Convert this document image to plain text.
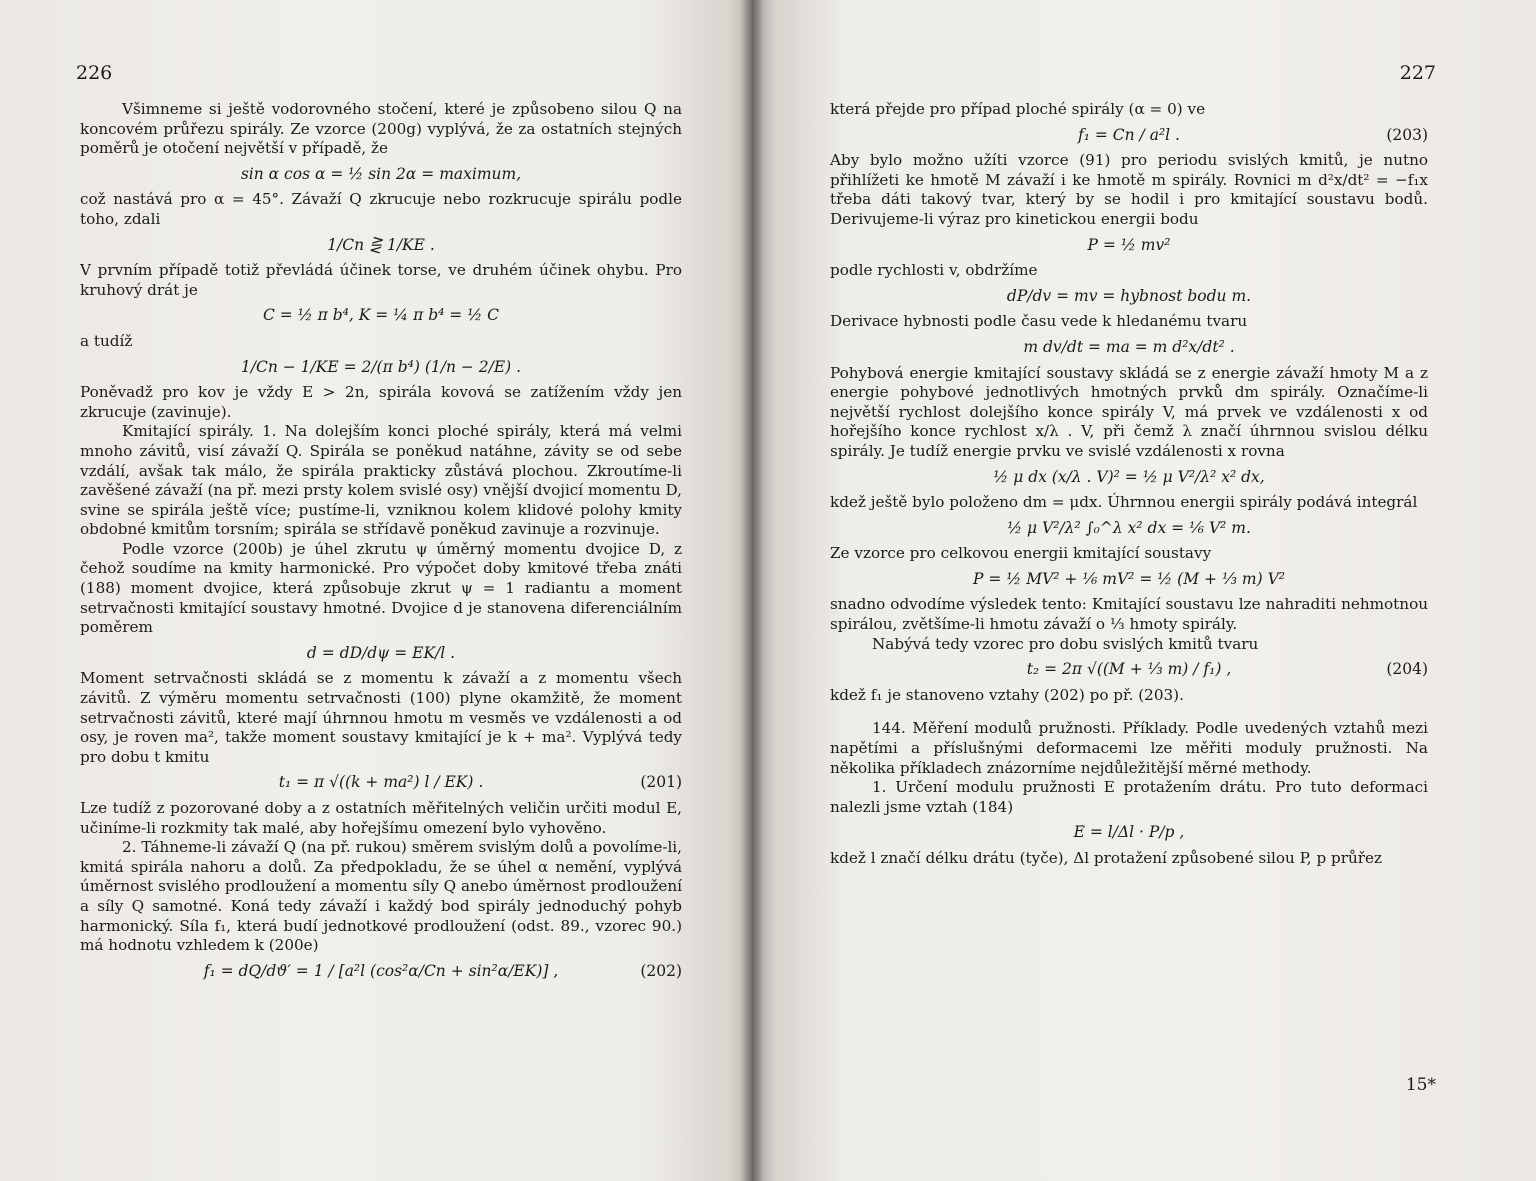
226

Všimneme si ještě vodorovného stočení, které je způsobeno silou Q na koncovém průřezu spirály. Ze vzorce (200g) vyplývá, že za ostatních stejných poměrů je otočení největší v případě, že

sin α cos α = ½ sin 2α = maximum,

což nastává pro α = 45°. Závaží Q zkrucuje nebo rozkrucuje spirálu podle toho, zdali

1/Cn ⋛ 1/KE .

V prvním případě totiž převládá účinek torse, ve druhém účinek ohybu. Pro kruhový drát je

C = ½ π b⁴, K = ¼ π b⁴ = ½ C

a tudíž

1/Cn − 1/KE = 2/(π b⁴) (1/n − 2/E) .

Poněvadž pro kov je vždy E > 2n, spirála kovová se zatížením vždy jen zkrucuje (zavinuje).

Kmitající spirály. 1. Na dolejším konci ploché spirály, která má velmi mnoho závitů, visí závaží Q. Spirála se poněkud natáhne, závity se od sebe vzdálí, avšak tak málo, že spirála prakticky zůstává plochou. Zkroutíme-li zavěšené závaží (na př. mezi prsty kolem svislé osy) vnější dvojicí momentu D, svine se spirála ještě více; pustíme-li, vzniknou kolem klidové polohy kmity obdobné kmitům torsním; spirála se střídavě poněkud zavinuje a rozvinuje.

Podle vzorce (200b) je úhel zkrutu ψ úměrný momentu dvojice D, z čehož soudíme na kmity harmonické. Pro výpočet doby kmitové třeba znáti (188) moment dvojice, která způsobuje zkrut ψ = 1 radiantu a moment setrvačnosti kmitající soustavy hmotné. Dvojice d je stanovena diferenciálním poměrem

d = dD/dψ = EK/l .

Moment setrvačnosti skládá se z momentu k závaží a z momentu všech závitů. Z výměru momentu setrvačnosti (100) plyne okamžitě, že moment setrvačnosti závitů, které mají úhrnnou hmotu m vesměs ve vzdálenosti a od osy, je roven ma², takže moment soustavy kmitající je k + ma². Vyplývá tedy pro dobu t kmitu

t₁ = π √((k + ma²) l / EK) .	(201)

Lze tudíž z pozorované doby a z ostatních měřitelných veličin určiti modul E, učiníme-li rozkmity tak malé, aby hořejšímu omezení bylo vyhověno.

2. Táhneme-li závaží Q (na př. rukou) směrem svislým dolů a povolíme-li, kmitá spirála nahoru a dolů. Za předpokladu, že se úhel α nemění, vyplývá úměrnost svislého prodloužení a momentu síly Q anebo úměrnost prodloužení a síly Q samotné. Koná tedy závaží i každý bod spirály jednoduchý pohyb harmonický. Síla f₁, která budí jednotkové prodloužení (odst. 89., vzorec 90.) má hodnotu vzhledem k (200e)

f₁ = dQ/dϑ′ = 1 / [a²l (cos²α/Cn + sin²α/EK)] ,	(202)
227

která přejde pro případ ploché spirály (α = 0) ve

f₁ = Cn / a²l .	(203)

Aby bylo možno užíti vzorce (91) pro periodu svislých kmitů, je nutno přihlížeti ke hmotě M závaží i ke hmotě m spirály. Rovnici m d²x/dt² = −f₁x třeba dáti takový tvar, který by se hodil i pro kmitající soustavu bodů. Derivujeme-li výraz pro kinetickou energii bodu

P = ½ mv²

podle rychlosti v, obdržíme

dP/dv = mv = hybnost bodu m.

Derivace hybnosti podle času vede k hledanému tvaru

m dv/dt = ma = m d²x/dt² .

Pohybová energie kmitající soustavy skládá se z energie závaží hmoty M a z energie pohybové jednotlivých hmotných prvků dm spirály. Označíme-li největší rychlost dolejšího konce spirály V, má prvek ve vzdálenosti x od hořejšího konce rychlost x/λ . V, při čemž λ značí úhrnnou svislou délku spirály. Je tudíž energie prvku ve svislé vzdálenosti x rovna

½ μ dx (x/λ . V)² = ½ μ V²/λ² x² dx,

kdež ještě bylo položeno dm = μdx. Úhrnnou energii spirály podává integrál

½ μ V²/λ² ∫₀^λ x² dx = ⅙ V² m.

Ze vzorce pro celkovou energii kmitající soustavy

P = ½ MV² + ⅙ mV² = ½ (M + ⅓ m) V²

snadno odvodíme výsledek tento: Kmitající soustavu lze nahraditi nehmotnou spirálou, zvětšíme-li hmotu závaží o ⅓ hmoty spirály.

Nabývá tedy vzorec pro dobu svislých kmitů tvaru

t₂ = 2π √((M + ⅓ m) / f₁) ,	(204)

kdež f₁ je stanoveno vztahy (202) po př. (203).

144. Měření modulů pružnosti. Příklady. Podle uvedených vztahů mezi napětími a příslušnými deformacemi lze měřiti moduly pružnosti. Na několika příkladech znázorníme nejdůležitější měrné methody.

1. Určení modulu pružnosti E protažením drátu. Pro tuto deformaci nalezli jsme vztah (184)

E = l/Δl · P/p ,

kdež l značí délku drátu (tyče), Δl protažení způsobené silou P, p průřez

15*
